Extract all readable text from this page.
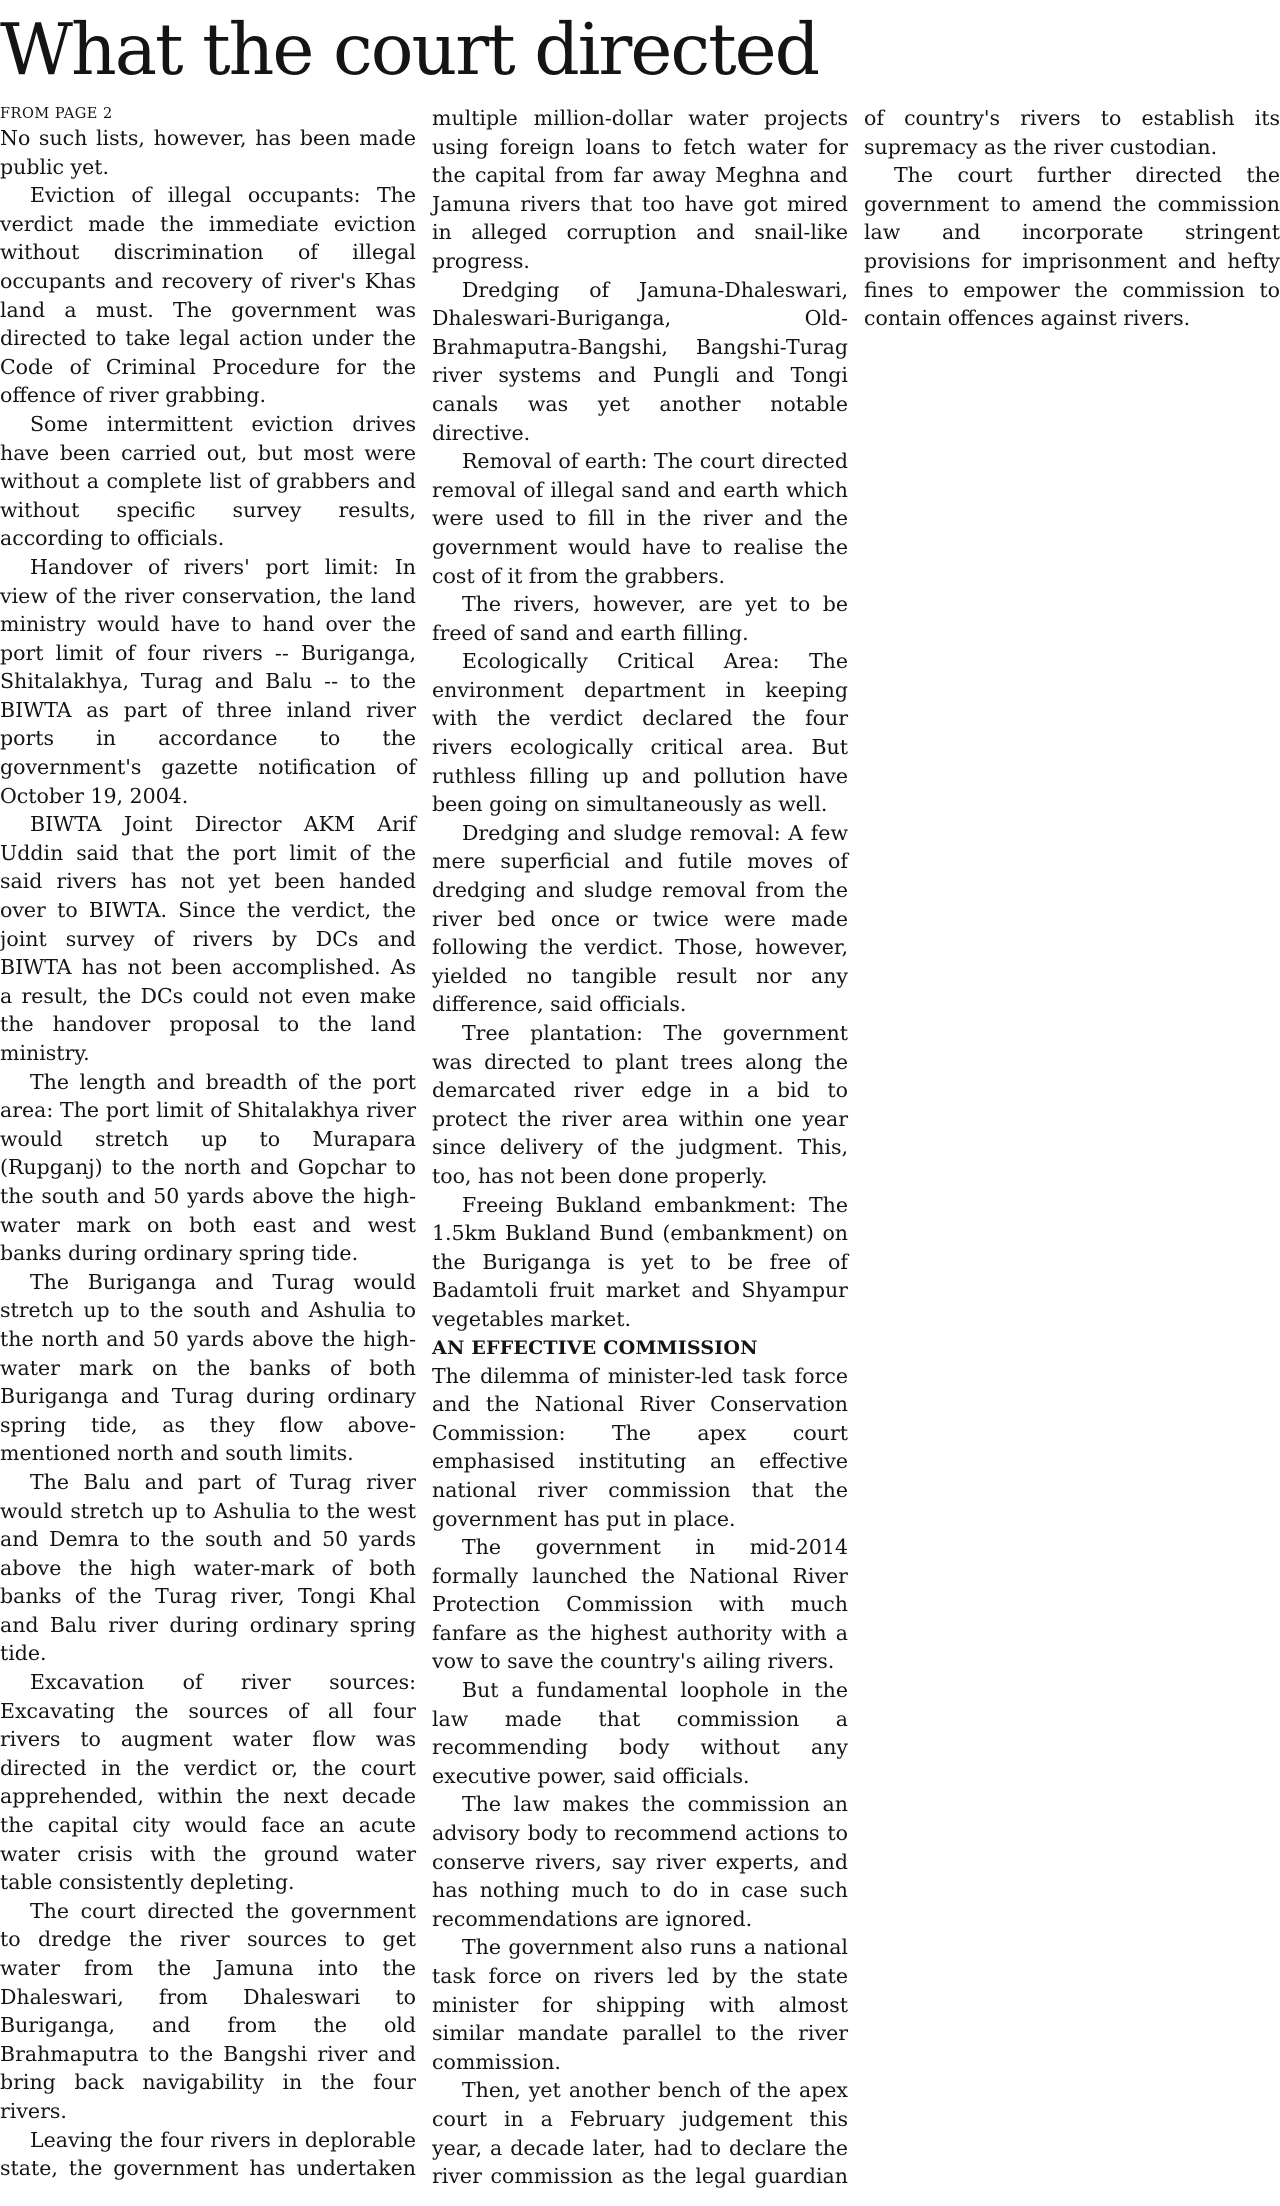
What the court directed
FROM PAGE 2

No such lists, however, has been made public yet.

Eviction of illegal occupants: The verdict made the immediate eviction without discrimination of illegal occupants and recovery of river's Khas land a must. The government was directed to take legal action under the Code of Criminal Procedure for the offence of river grabbing.

Some intermittent eviction drives have been carried out, but most were without a complete list of grabbers and without specific survey results, according to officials.

Handover of rivers' port limit: In view of the river conservation, the land ministry would have to hand over the port limit of four rivers -- Buriganga, Shitalakhya, Turag and Balu -- to the BIWTA as part of three inland river ports in accordance to the government's gazette notification of October 19, 2004.

BIWTA Joint Director AKM Arif Uddin said that the port limit of the said rivers has not yet been handed over to BIWTA. Since the verdict, the joint survey of rivers by DCs and BIWTA has not been accomplished. As a result, the DCs could not even make the handover proposal to the land ministry.

The length and breadth of the port area: The port limit of Shitalakhya river would stretch up to Murapara (Rupganj) to the north and Gopchar to the south and 50 yards above the high-water mark on both east and west banks during ordinary spring tide.

The Buriganga and Turag would stretch up to the south and Ashulia to the north and 50 yards above the high-water mark on the banks of both Buriganga and Turag during ordinary spring tide, as they flow above-mentioned north and south limits.

The Balu and part of Turag river would stretch up to Ashulia to the west and Demra to the south and 50 yards above the high water-mark of both banks of the Turag river, Tongi Khal and Balu river during ordinary spring tide.

Excavation of river sources: Excavating the sources of all four rivers to augment water flow was directed in the verdict or, the court apprehended, within the next decade the capital city would face an acute water crisis with the ground water table consistently depleting.

The court directed the government to dredge the river sources to get water from the Jamuna into the Dhaleswari, from Dhaleswari to Buriganga, and from the old Brahmaputra to the Bangshi river and bring back navigability in the four rivers.

Leaving the four rivers in deplorable state, the government has undertaken multiple million-dollar water projects using foreign loans to fetch water for the capital from far away Meghna and Jamuna rivers that too have got mired in alleged corruption and snail-like progress.

Dredging of Jamuna-Dhaleswari, Dhaleswari-Buriganga, Old-Brahmaputra-Bangshi, Bangshi-Turag river systems and Pungli and Tongi canals was yet another notable directive.

Removal of earth: The court directed removal of illegal sand and earth which were used to fill in the river and the government would have to realise the cost of it from the grabbers.

The rivers, however, are yet to be freed of sand and earth filling.

Ecologically Critical Area: The environment department in keeping with the verdict declared the four rivers ecologically critical area. But ruthless filling up and pollution have been going on simultaneously as well.

Dredging and sludge removal: A few mere superficial and futile moves of dredging and sludge removal from the river bed once or twice were made following the verdict. Those, however, yielded no tangible result nor any difference, said officials.

Tree plantation: The government was directed to plant trees along the demarcated river edge in a bid to protect the river area within one year since delivery of the judgment. This, too, has not been done properly.

Freeing Bukland embankment: The 1.5km Bukland Bund (embankment) on the Buriganga is yet to be free of Badamtoli fruit market and Shyampur vegetables market.

AN EFFECTIVE COMMISSION

The dilemma of minister-led task force and the National River Conservation Commission: The apex court emphasised instituting an effective national river commission that the government has put in place.

The government in mid-2014 formally launched the National River Protection Commission with much fanfare as the highest authority with a vow to save the country's ailing rivers.

But a fundamental loophole in the law made that commission a recommending body without any executive power, said officials.

The law makes the commission an advisory body to recommend actions to conserve rivers, say river experts, and has nothing much to do in case such recommendations are ignored.

The government also runs a national task force on rivers led by the state minister for shipping with almost similar mandate parallel to the river commission.

Then, yet another bench of the apex court in a February judgement this year, a decade later, had to declare the river commission as the legal guardian of country's rivers to establish its supremacy as the river custodian.

The court further directed the government to amend the commission law and incorporate stringent provisions for imprisonment and hefty fines to empower the commission to contain offences against rivers.
